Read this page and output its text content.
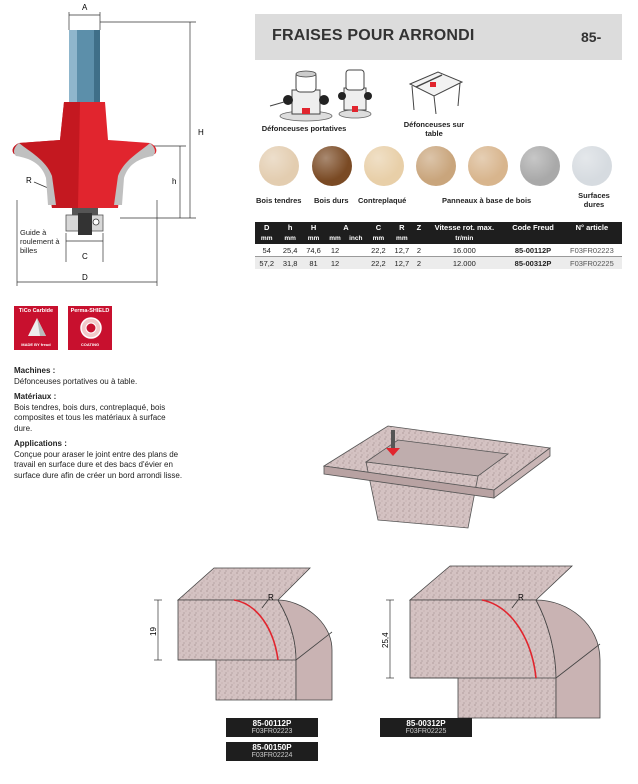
A
H
h
R
C
D
Guide à roulement à billes
FRAISES POUR ARRONDI	85-
Défonceuses portatives	Défonceuses sur table
Bois tendres Bois durs Contreplaqué	Panneaux à base de bois
Surfaces dures
D	h	H	A		C	R	Z	Vitesse rot. max.	Code Freud	N° article
mm	mm	mm	mm	inch	mm	mm		tr/min		
54	25,4	74,6	12		22,2	12,7	2	16.000	85-00112P	F03FR02223
57,2	31,8	81	12		22,2	12,7	2	12.000	85-00312P	F03FR02225
TiCo Carbide
MADE BY freud
Perma-SHIELD
COATING
Machines :
Défonceuses portatives ou à table.
Matériaux :
Bois tendres, bois durs, contreplaqué, bois composites et tous les matériaux à surface dure.
Applications :
Conçue pour araser le joint entre des plans de travail en surface dure et des bacs d'évier en surface dure afin de créer un bord arrondi lisse.
19
R
85-00112P
F03FR02223
85-00150P
F03FR02224
25,4
R
85-00312P
F03FR02225
